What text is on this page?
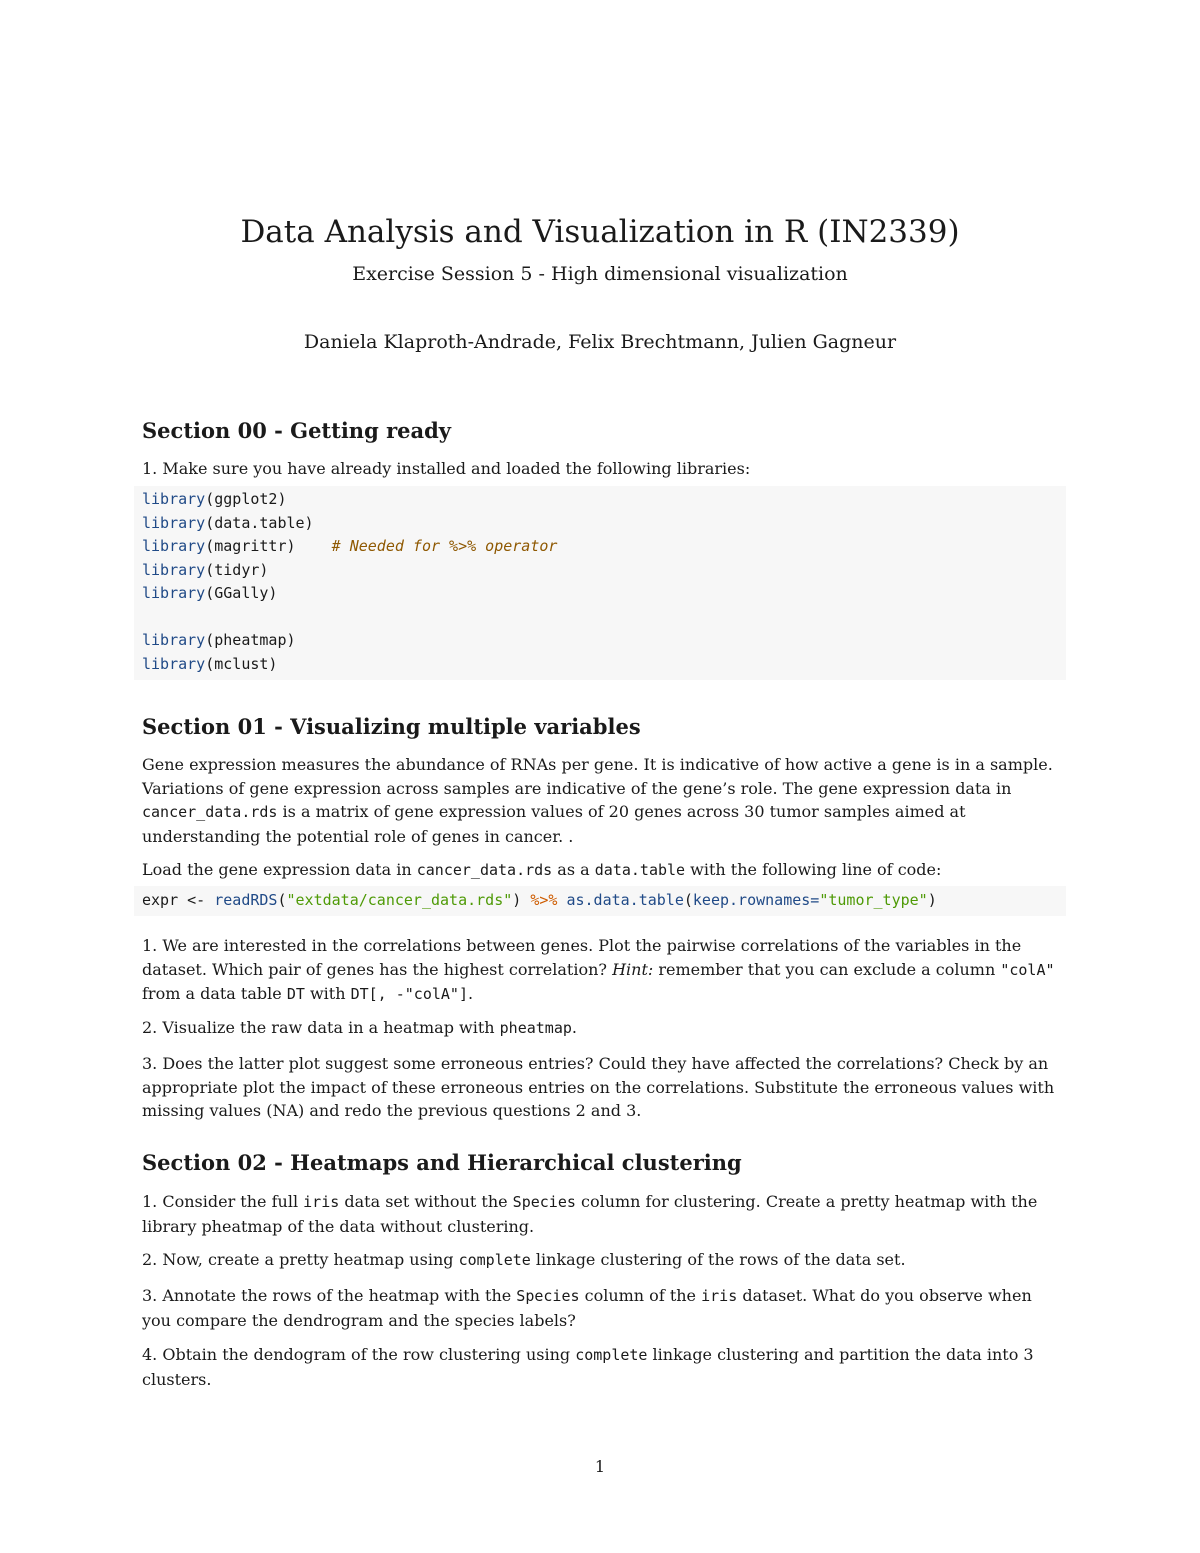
Data Analysis and Visualization in R (IN2339)
Exercise Session 5 - High dimensional visualization
Daniela Klaproth-Andrade, Felix Brechtmann, Julien Gagneur
Section 00 - Getting ready

1. Make sure you have already installed and loaded the following libraries:

library(ggplot2)
library(data.table)
library(magrittr) # Needed for %>% operator
library(tidyr)
library(GGally)

library(pheatmap)
library(mclust)
Section 01 - Visualizing multiple variables

Gene expression measures the abundance of RNAs per gene. It is indicative of how active a gene is in a sample. Variations of gene expression across samples are indicative of the gene’s role. The gene expression data in cancer_data.rds is a matrix of gene expression values of 20 genes across 30 tumor samples aimed at understanding the potential role of genes in cancer. .

Load the gene expression data in cancer_data.rds as a data.table with the following line of code:

expr <- readRDS("extdata/cancer_data.rds") %>% as.data.table(keep.rownames="tumor_type")

1. We are interested in the correlations between genes. Plot the pairwise correlations of the variables in the dataset. Which pair of genes has the highest correlation? Hint: remember that you can exclude a column "colA" from a data table DT with DT[, -"colA"].

2. Visualize the raw data in a heatmap with pheatmap.

3. Does the latter plot suggest some erroneous entries? Could they have affected the correlations? Check by an appropriate plot the impact of these erroneous entries on the correlations. Substitute the erroneous values with missing values (NA) and redo the previous questions 2 and 3.

Section 02 - Heatmaps and Hierarchical clustering

1. Consider the full iris data set without the Species column for clustering. Create a pretty heatmap with the library pheatmap of the data without clustering.

2. Now, create a pretty heatmap using complete linkage clustering of the rows of the data set.

3. Annotate the rows of the heatmap with the Species column of the iris dataset. What do you observe when you compare the dendrogram and the species labels?

4. Obtain the dendogram of the row clustering using complete linkage clustering and partition the data into 3 clusters.

1
